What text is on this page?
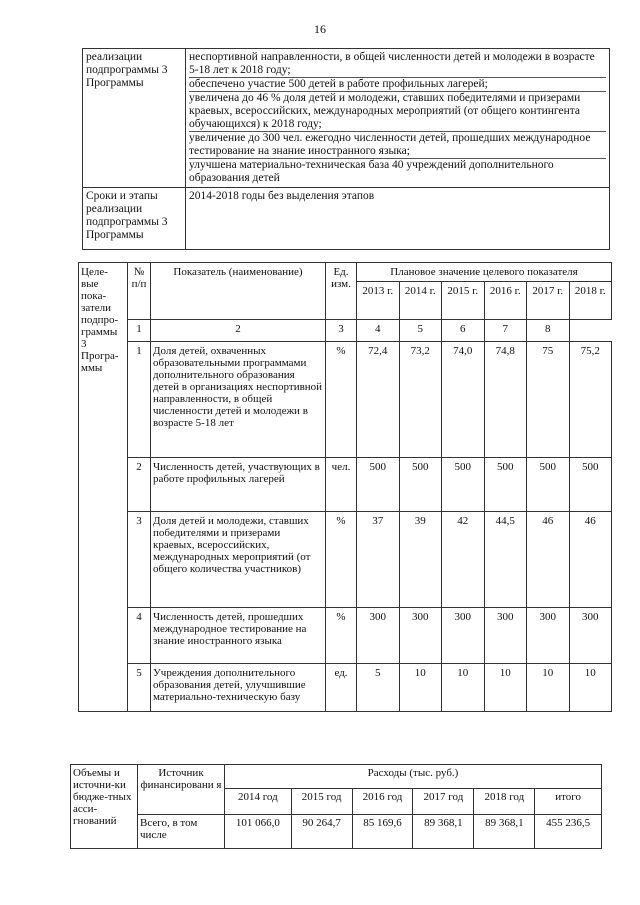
16
реализации подпрограммы 3 Программы	неспортивной направленности, в общей численности детей и молодежи в возрасте 5-18 лет к 2018 году;
обеспечено участие 500 детей в работе профильных лагерей;
увеличена до 46 % доля детей и молодежи, ставших победителями и призерами краевых, всероссийских, международных мероприятий (от общего контингента обучающихся) к 2018 году;
увеличение до 300 чел. ежегодно численности детей, прошедших международное тестирование на знание иностранного языка;
улучшена материально-техническая база 40 учреждений дополнительного образования детей

Сроки и этапы реализации подпрограммы 3 Программы	2014-2018 годы без выделения этапов
Целе-вые пока-затели подпро-граммы 3 Програ-ммы	№ п/п	Показатель (наименование)	Ед. изм.	Плановое значение целевого показателя					
				2013 г.	2014 г.	2015 г.	2016 г.	2017 г.	2018 г.
	1	2	3	4	5	6	7	8	
	1	Доля детей, охваченных образовательными программами дополнительного образования детей в организациях неспортивной направленности, в общей численности детей и молодежи в возрасте 5-18 лет	%	72,4	73,2	74,0	74,8	75	75,2
	2	Численность детей, участвующих в работе профильных лагерей	чел.	500	500	500	500	500	500
	3	Доля детей и молодежи, ставших победителями и призерами краевых, всероссийских, международных мероприятий (от общего количества участников)	%	37	39	42	44,5	46	46
	4	Численность детей, прошедших международное тестирование на знание иностранного языка	%	300	300	300	300	300	300
	5	Учреждения дополнительного образования детей, улучшившие материально-техническую базу	ед.	5	10	10	10	10	10
Объемы и источни-ки бюдже-тных асси-гнований	Источник финансировани я	Расходы (тыс. руб.)					
		2014 год	2015 год	2016 год	2017 год	2018 год	итого
	Всего, в том числе	101 066,0	90 264,7	85 169,6	89 368,1	89 368,1	455 236,5
